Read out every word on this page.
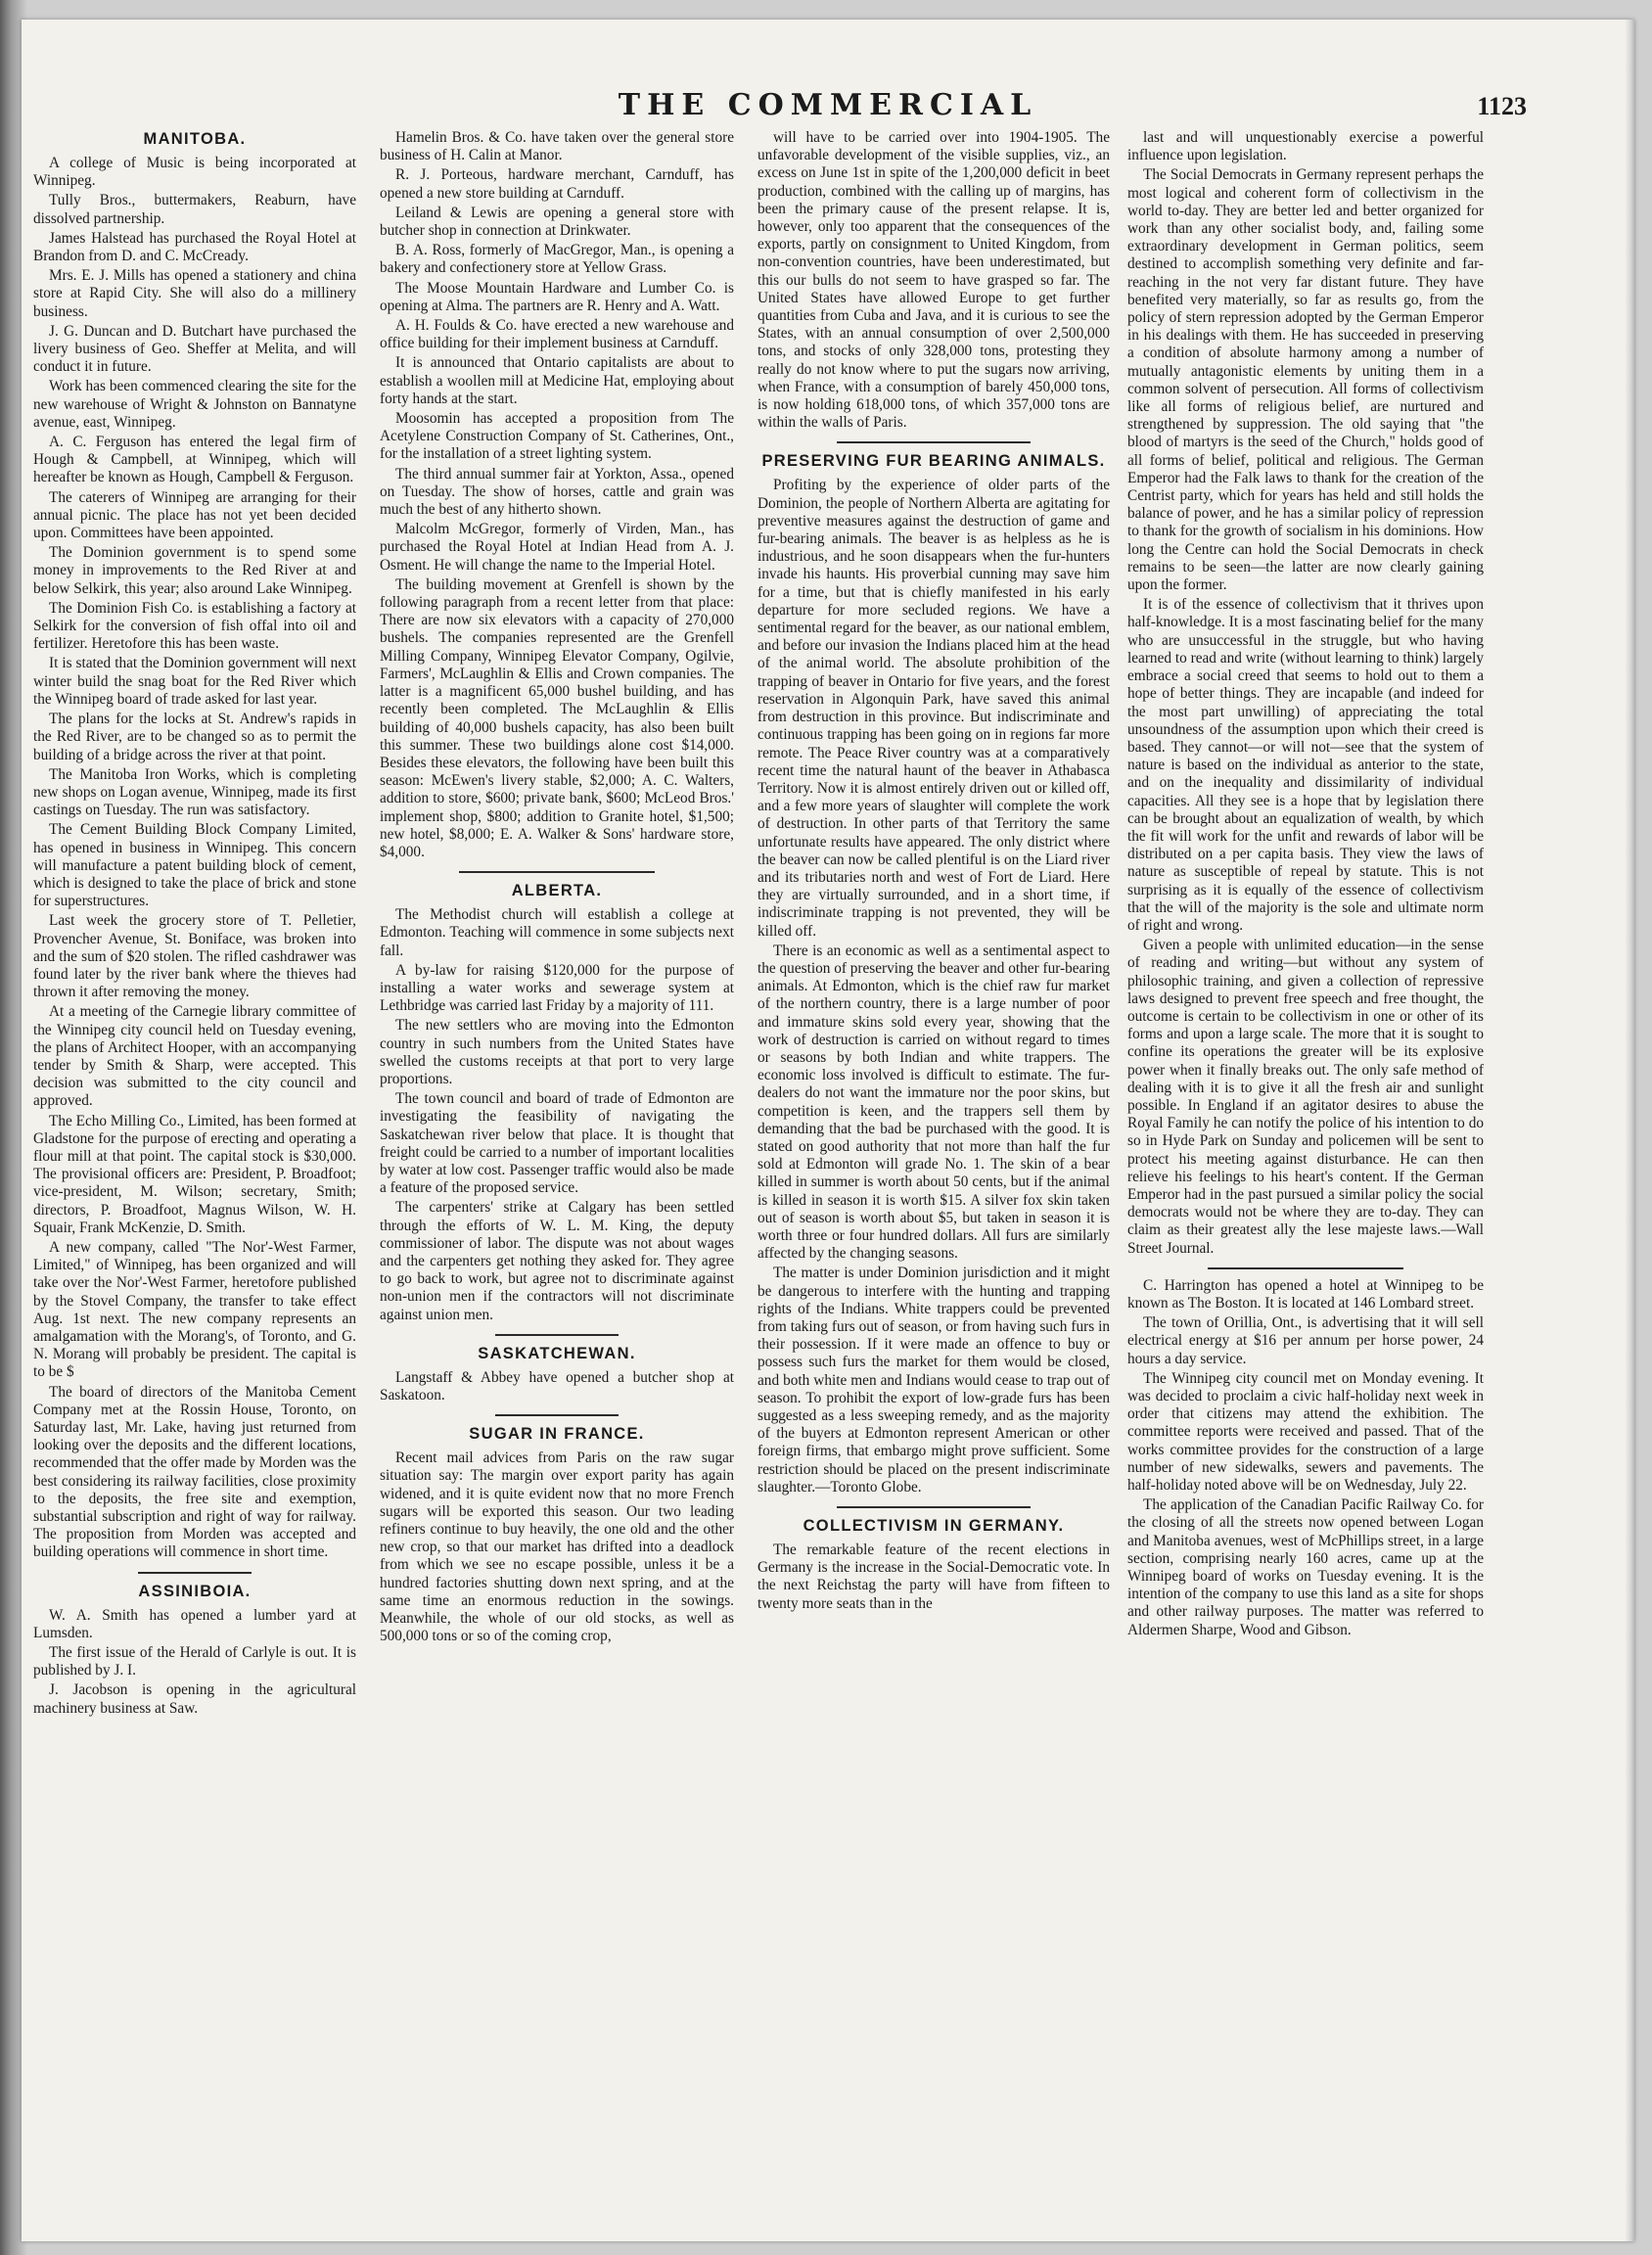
THE COMMERCIAL	1123
MANITOBA.

A college of Music is being incorporated at Winnipeg.

Tully Bros., buttermakers, Reaburn, have dissolved partnership.

James Halstead has purchased the Royal Hotel at Brandon from D. and C. McCready.

Mrs. E. J. Mills has opened a stationery and china store at Rapid City. She will also do a millinery business.

J. G. Duncan and D. Butchart have purchased the livery business of Geo. Sheffer at Melita, and will conduct it in future.

Work has been commenced clearing the site for the new warehouse of Wright & Johnston on Bannatyne avenue, east, Winnipeg.

A. C. Ferguson has entered the legal firm of Hough & Campbell, at Winnipeg, which will hereafter be known as Hough, Campbell & Ferguson.

The caterers of Winnipeg are arranging for their annual picnic. The place has not yet been decided upon. Committees have been appointed.

The Dominion government is to spend some money in improvements to the Red River at and below Selkirk, this year; also around Lake Winnipeg.

The Dominion Fish Co. is establishing a factory at Selkirk for the conversion of fish offal into oil and fertilizer. Heretofore this has been waste.

It is stated that the Dominion government will next winter build the snag boat for the Red River which the Winnipeg board of trade asked for last year.

The plans for the locks at St. Andrew's rapids in the Red River, are to be changed so as to permit the building of a bridge across the river at that point.

The Manitoba Iron Works, which is completing new shops on Logan avenue, Winnipeg, made its first castings on Tuesday. The run was satisfactory.

The Cement Building Block Company Limited, has opened in business in Winnipeg. This concern will manufacture a patent building block of cement, which is designed to take the place of brick and stone for superstructures.

Last week the grocery store of T. Pelletier, Provencher Avenue, St. Boniface, was broken into and the sum of $20 stolen. The rifled cashdrawer was found later by the river bank where the thieves had thrown it after removing the money.

At a meeting of the Carnegie library committee of the Winnipeg city council held on Tuesday evening, the plans of Architect Hooper, with an accompanying tender by Smith & Sharp, were accepted. This decision was submitted to the city council and approved.

The Echo Milling Co., Limited, has been formed at Gladstone for the purpose of erecting and operating a flour mill at that point. The capital stock is $30,000. The provisional officers are: President, P. Broadfoot; vice-president, M. Wilson; secretary, Smith; directors, P. Broadfoot, Magnus Wilson, W. H. Squair, Frank McKenzie, D. Smith.

A new company, called "The Nor'-West Farmer, Limited," of Winnipeg, has been organized and will take over the Nor'-West Farmer, heretofore published by the Stovel Company, the transfer to take effect Aug. 1st next. The new company represents an amalgamation with the Morang's, of Toronto, and G. N. Morang will probably be president. The capital is to be $

The board of directors of the Manitoba Cement Company met at the Rossin House, Toronto, on Saturday last, Mr. Lake, having just returned from looking over the deposits and the different locations, recommended that the offer made by Morden was the best considering its railway facilities, close proximity to the deposits, the free site and exemption, substantial subscription and right of way for railway. The proposition from Morden was accepted and building operations will commence in short time.

ASSINIBOIA.

W. A. Smith has opened a lumber yard at Lumsden.

The first issue of the Herald of Carlyle is out. It is published by J. I.

J. Jacobson is opening in the agricultural machinery business at Saw.

Hamelin Bros. & Co. have taken over the general store business of H. Calin at Manor.

R. J. Porteous, hardware merchant, Carnduff, has opened a new store building at Carnduff.

Leiland & Lewis are opening a general store with butcher shop in connection at Drinkwater.

B. A. Ross, formerly of MacGregor, Man., is opening a bakery and confectionery store at Yellow Grass.

The Moose Mountain Hardware and Lumber Co. is opening at Alma. The partners are R. Henry and A. Watt.

A. H. Foulds & Co. have erected a new warehouse and office building for their implement business at Carnduff.

It is announced that Ontario capitalists are about to establish a woollen mill at Medicine Hat, employing about forty hands at the start.

Moosomin has accepted a proposition from The Acetylene Construction Company of St. Catherines, Ont., for the installation of a street lighting system.

The third annual summer fair at Yorkton, Assa., opened on Tuesday. The show of horses, cattle and grain was much the best of any hitherto shown.

Malcolm McGregor, formerly of Virden, Man., has purchased the Royal Hotel at Indian Head from A. J. Osment. He will change the name to the Imperial Hotel.

The building movement at Grenfell is shown by the following paragraph from a recent letter from that place: There are now six elevators with a capacity of 270,000 bushels. The companies represented are the Grenfell Milling Company, Winnipeg Elevator Company, Ogilvie, Farmers', McLaughlin & Ellis and Crown companies. The latter is a magnificent 65,000 bushel building, and has recently been completed. The McLaughlin & Ellis building of 40,000 bushels capacity, has also been built this summer. These two buildings alone cost $14,000. Besides these elevators, the following have been built this season: McEwen's livery stable, $2,000; A. C. Walters, addition to store, $600; private bank, $600; McLeod Bros.' implement shop, $800; addition to Granite hotel, $1,500; new hotel, $8,000; E. A. Walker & Sons' hardware store, $4,000.

ALBERTA.

The Methodist church will establish a college at Edmonton. Teaching will commence in some subjects next fall.

A by-law for raising $120,000 for the purpose of installing a water works and sewerage system at Lethbridge was carried last Friday by a majority of 111.

The new settlers who are moving into the Edmonton country in such numbers from the United States have swelled the customs receipts at that port to very large proportions.

The town council and board of trade of Edmonton are investigating the feasibility of navigating the Saskatchewan river below that place. It is thought that freight could be carried to a number of important localities by water at low cost. Passenger traffic would also be made a feature of the proposed service.

The carpenters' strike at Calgary has been settled through the efforts of W. L. M. King, the deputy commissioner of labor. The dispute was not about wages and the carpenters get nothing they asked for. They agree to go back to work, but agree not to discriminate against non-union men if the contractors will not discriminate against union men.

SASKATCHEWAN.

Langstaff & Abbey have opened a butcher shop at Saskatoon.

SUGAR IN FRANCE.

Recent mail advices from Paris on the raw sugar situation say: The margin over export parity has again widened, and it is quite evident now that no more French sugars will be exported this season. Our two leading refiners continue to buy heavily, the one old and the other new crop, so that our market has drifted into a deadlock from which we see no escape possible, unless it be a hundred factories shutting down next spring, and at the same time an enormous reduction in the sowings. Meanwhile, the whole of our old stocks, as well as 500,000 tons or so of the coming crop,

will have to be carried over into 1904-1905. The unfavorable development of the visible supplies, viz., an excess on June 1st in spite of the 1,200,000 deficit in beet production, combined with the calling up of margins, has been the primary cause of the present relapse. It is, however, only too apparent that the consequences of the exports, partly on consignment to United Kingdom, from non-convention countries, have been underestimated, but this our bulls do not seem to have grasped so far. The United States have allowed Europe to get further quantities from Cuba and Java, and it is curious to see the States, with an annual consumption of over 2,500,000 tons, and stocks of only 328,000 tons, protesting they really do not know where to put the sugars now arriving, when France, with a consumption of barely 450,000 tons, is now holding 618,000 tons, of which 357,000 tons are within the walls of Paris.

PRESERVING FUR BEARING ANIMALS.

Profiting by the experience of older parts of the Dominion, the people of Northern Alberta are agitating for preventive measures against the destruction of game and fur-bearing animals. The beaver is as helpless as he is industrious, and he soon disappears when the fur-hunters invade his haunts. His proverbial cunning may save him for a time, but that is chiefly manifested in his early departure for more secluded regions. We have a sentimental regard for the beaver, as our national emblem, and before our invasion the Indians placed him at the head of the animal world. The absolute prohibition of the trapping of beaver in Ontario for five years, and the forest reservation in Algonquin Park, have saved this animal from destruction in this province. But indiscriminate and continuous trapping has been going on in regions far more remote. The Peace River country was at a comparatively recent time the natural haunt of the beaver in Athabasca Territory. Now it is almost entirely driven out or killed off, and a few more years of slaughter will complete the work of destruction. In other parts of that Territory the same unfortunate results have appeared. The only district where the beaver can now be called plentiful is on the Liard river and its tributaries north and west of Fort de Liard. Here they are virtually surrounded, and in a short time, if indiscriminate trapping is not prevented, they will be killed off.

There is an economic as well as a sentimental aspect to the question of preserving the beaver and other fur-bearing animals. At Edmonton, which is the chief raw fur market of the northern country, there is a large number of poor and immature skins sold every year, showing that the work of destruction is carried on without regard to times or seasons by both Indian and white trappers. The economic loss involved is difficult to estimate. The fur-dealers do not want the immature nor the poor skins, but competition is keen, and the trappers sell them by demanding that the bad be purchased with the good. It is stated on good authority that not more than half the fur sold at Edmonton will grade No. 1. The skin of a bear killed in summer is worth about 50 cents, but if the animal is killed in season it is worth $15. A silver fox skin taken out of season is worth about $5, but taken in season it is worth three or four hundred dollars. All furs are similarly affected by the changing seasons.

The matter is under Dominion jurisdiction and it might be dangerous to interfere with the hunting and trapping rights of the Indians. White trappers could be prevented from taking furs out of season, or from having such furs in their possession. If it were made an offence to buy or possess such furs the market for them would be closed, and both white men and Indians would cease to trap out of season. To prohibit the export of low-grade furs has been suggested as a less sweeping remedy, and as the majority of the buyers at Edmonton represent American or other foreign firms, that embargo might prove sufficient. Some restriction should be placed on the present indiscriminate slaughter.—Toronto Globe.

COLLECTIVISM IN GERMANY.

The remarkable feature of the recent elections in Germany is the increase in the Social-Democratic vote. In the next Reichstag the party will have from fifteen to twenty more seats than in the

last and will unquestionably exercise a powerful influence upon legislation.

The Social Democrats in Germany represent perhaps the most logical and coherent form of collectivism in the world to-day. They are better led and better organized for work than any other socialist body, and, failing some extraordinary development in German politics, seem destined to accomplish something very definite and far-reaching in the not very far distant future. They have benefited very materially, so far as results go, from the policy of stern repression adopted by the German Emperor in his dealings with them. He has succeeded in preserving a condition of absolute harmony among a number of mutually antagonistic elements by uniting them in a common solvent of persecution. All forms of collectivism like all forms of religious belief, are nurtured and strengthened by suppression. The old saying that "the blood of martyrs is the seed of the Church," holds good of all forms of belief, political and religious. The German Emperor had the Falk laws to thank for the creation of the Centrist party, which for years has held and still holds the balance of power, and he has a similar policy of repression to thank for the growth of socialism in his dominions. How long the Centre can hold the Social Democrats in check remains to be seen—the latter are now clearly gaining upon the former.

It is of the essence of collectivism that it thrives upon half-knowledge. It is a most fascinating belief for the many who are unsuccessful in the struggle, but who having learned to read and write (without learning to think) largely embrace a social creed that seems to hold out to them a hope of better things. They are incapable (and indeed for the most part unwilling) of appreciating the total unsoundness of the assumption upon which their creed is based. They cannot—or will not—see that the system of nature is based on the individual as anterior to the state, and on the inequality and dissimilarity of individual capacities. All they see is a hope that by legislation there can be brought about an equalization of wealth, by which the fit will work for the unfit and rewards of labor will be distributed on a per capita basis. They view the laws of nature as susceptible of repeal by statute. This is not surprising as it is equally of the essence of collectivism that the will of the majority is the sole and ultimate norm of right and wrong.

Given a people with unlimited education—in the sense of reading and writing—but without any system of philosophic training, and given a collection of repressive laws designed to prevent free speech and free thought, the outcome is certain to be collectivism in one or other of its forms and upon a large scale. The more that it is sought to confine its operations the greater will be its explosive power when it finally breaks out. The only safe method of dealing with it is to give it all the fresh air and sunlight possible. In England if an agitator desires to abuse the Royal Family he can notify the police of his intention to do so in Hyde Park on Sunday and policemen will be sent to protect his meeting against disturbance. He can then relieve his feelings to his heart's content. If the German Emperor had in the past pursued a similar policy the social democrats would not be where they are to-day. They can claim as their greatest ally the lese majeste laws.—Wall Street Journal.

C. Harrington has opened a hotel at Winnipeg to be known as The Boston. It is located at 146 Lombard street.

The town of Orillia, Ont., is advertising that it will sell electrical energy at $16 per annum per horse power, 24 hours a day service.

The Winnipeg city council met on Monday evening. It was decided to proclaim a civic half-holiday next week in order that citizens may attend the exhibition. The committee reports were received and passed. That of the works committee provides for the construction of a large number of new sidewalks, sewers and pavements. The half-holiday noted above will be on Wednesday, July 22.

The application of the Canadian Pacific Railway Co. for the closing of all the streets now opened between Logan and Manitoba avenues, west of McPhillips street, in a large section, comprising nearly 160 acres, came up at the Winnipeg board of works on Tuesday evening. It is the intention of the company to use this land as a site for shops and other railway purposes. The matter was referred to Aldermen Sharpe, Wood and Gibson.
